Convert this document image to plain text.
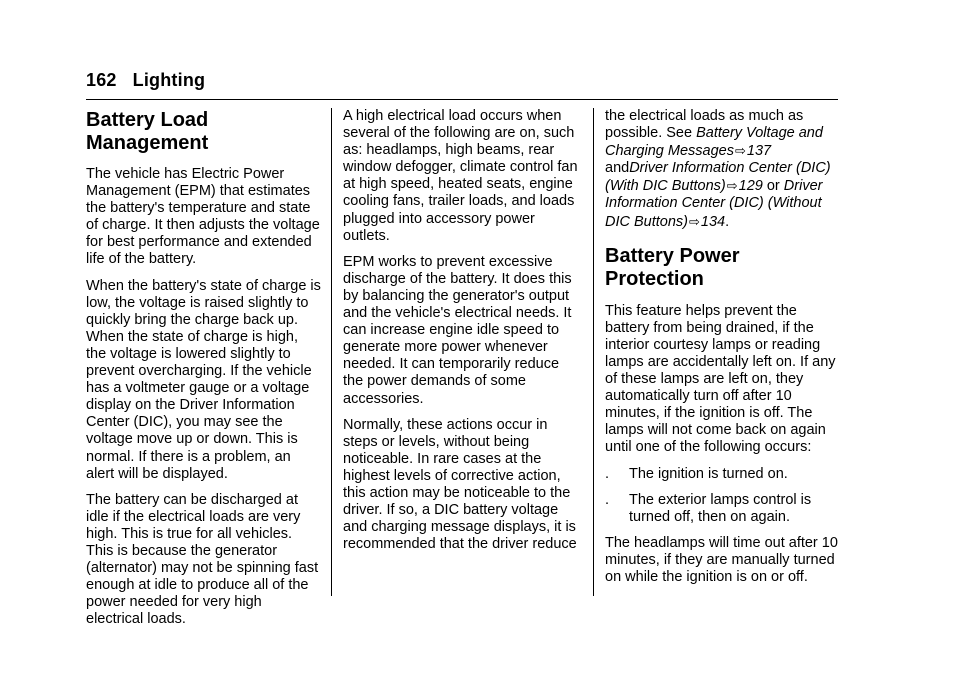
162 Lighting
Battery Load
Management

The vehicle has Electric Power Management (EPM) that estimates the battery's temperature and state of charge. It then adjusts the voltage for best performance and extended life of the battery.

When the battery's state of charge is low, the voltage is raised slightly to quickly bring the charge back up. When the state of charge is high, the voltage is lowered slightly to prevent overcharging. If the vehicle has a voltmeter gauge or a voltage display on the Driver Information Center (DIC), you may see the voltage move up or down. This is normal. If there is a problem, an alert will be displayed.

The battery can be discharged at idle if the electrical loads are very high. This is true for all vehicles. This is because the generator (alternator) may not be spinning fast enough at idle to produce all of the power needed for very high electrical loads.

A high electrical load occurs when several of the following are on, such as: headlamps, high beams, rear window defogger, climate control fan at high speed, heated seats, engine cooling fans, trailer loads, and loads plugged into accessory power outlets.

EPM works to prevent excessive discharge of the battery. It does this by balancing the generator's output and the vehicle's electrical needs. It can increase engine idle speed to generate more power whenever needed. It can temporarily reduce the power demands of some accessories.

Normally, these actions occur in steps or levels, without being noticeable. In rare cases at the highest levels of corrective action, this action may be noticeable to the driver. If so, a DIC battery voltage and charging message displays, it is recommended that the driver reduce

the electrical loads as much as possible. See Battery Voltage and Charging Messages⇨137
andDriver Information Center (DIC) (With DIC Buttons)⇨129 or Driver Information Center (DIC) (Without DIC Buttons)⇨134.

Battery Power Protection

This feature helps prevent the battery from being drained, if the interior courtesy lamps or reading lamps are accidentally left on. If any of these lamps are left on, they automatically turn off after 10 minutes, if the ignition is off. The lamps will not come back on again until one of the following occurs:

. The ignition is turned on.
. The exterior lamps control is turned off, then on again.

The headlamps will time out after 10 minutes, if they are manually turned on while the ignition is on or off.
